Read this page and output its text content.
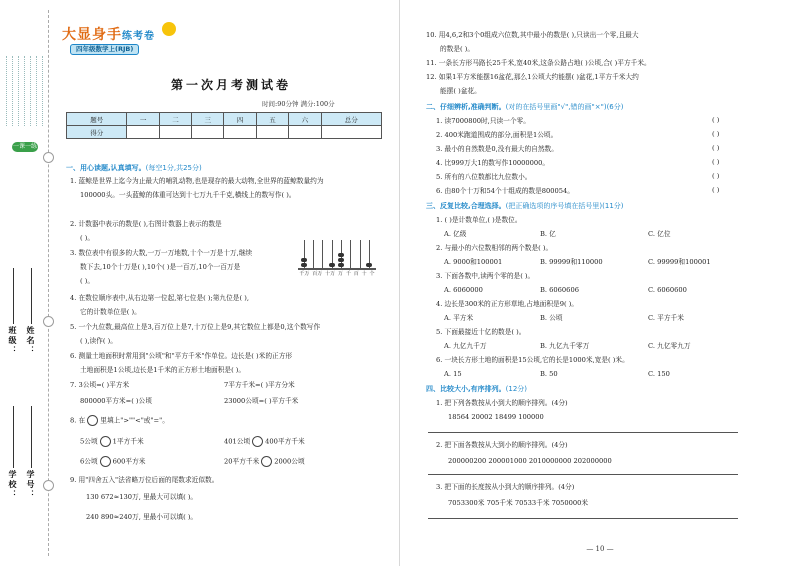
一课一练
班级： 姓名：
学校： 学号：
大显身手练考卷
四年级数学上(RJB)
第一次月考测试卷
时间:90分钟 满分:100分
题号	一	二	三	四	五	六	总分
得分							
一、用心读题,认真填写。(每空1分,共25分)
1. 蓝鲸是世界上迄今为止最大的哺乳动物,也是现存的最大动物,全世界的蓝鲸数量约为
100000头。一头蓝鲸的体重可达到十七万九千千克,横线上的数写作( )。
2. 计数器中表示的数是( ),右图计数器上表示的数是
( )。
千万 百万 十万 万 千 百 十 个
3. 数位表中有很多的大数,一万一万地数,十个一万是十万,继续
数下去,10个十万是( ),10个( )是一百万,10个一百万是
( )。
4. 在数位顺序表中,从右边第一位起,第七位是( );第九位是( ),
它的计数单位是( )。
5. 一个九位数,最高位上是3,百万位上是7,十万位上是9,其它数位上都是0,这个数写作
( ),读作( )。
6. 测量土地面积时常用到"公顷"和"平方千米"作单位。边长是( )米的正方形
土地面积是1公顷,边长是1千米的正方形土地面积是( )。
7. 3公顷=( )平方米	7平方千米=( )平方分米
800000平方米=( )公顷	23000公顷=( )平方千米
8. 在 里填上">""<"或"="。
5公顷 1平方千米	401公顷 400平方千米
6公顷 600平方米	20平方千米 2000公顷
9. 用"四舍五入"法省略万位后面的尾数求近似数。
130 672≈130万, 里最大可以填( )。
240 890≈240万, 里最小可以填( )。
10. 用4,6,2和3个0组成六位数,其中最小的数是( ),只读出一个零,且最大
的数是( )。
11. 一条长方形马路长25千米,宽40米,这条公路占地( )公顷,合( )平方千米。
12. 如果1平方米能摆16盆花,那么1公顷大约能摆( )盆花,1平方千米大约
能摆( )盆花。
二、仔细辨析,准确判断。(对的在括号里画"√",错的画"×")(6分)
1. 读7000800时,只读一个零。	( )
2. 400米跑道围成的部分,面积是1公顷。	( )
3. 最小的自然数是0,没有最大的自然数。	( )
4. 比999万大1的数写作10000000。	( )
5. 所有的八位数都比九位数小。	( )
6. 由80个十万和54个十组成的数是800054。	( )
三、反复比较,合理选择。(把正确选项的序号填在括号里)(11分)
1. ( )是计数单位,( )是数位。
A. 亿级	B. 亿	C. 亿位
2. 与最小的六位数相邻的两个数是( )。
A. 9000和100001	B. 99999和110000	C. 99999和100001
3. 下面各数中,读两个零的是( )。
A. 6060000	B. 6060606	C. 6060600
4. 边长是300米的正方形草地,占地面积是9( )。
A. 平方米	B. 公顷	C. 平方千米
5. 下面最接近十亿的数是( )。
A. 九亿九千万	B. 九亿九千零万	C. 九亿零九万
6. 一块长方形土地的面积是15公顷,它的长是1000米,宽是( )米。
A. 15	B. 50	C. 150
四、比较大小,有序排列。(12分)
1. 把下列各数按从小到大的顺序排列。(4分)
18564 20002 18499 100000
2. 把下面各数按从大到小的顺序排列。(4分)
200000200 200001000 2010000000 202000000
3. 把下面的长度按从小到大的顺序排列。(4分)
7053300米 705千米 70533千米 7050000米
— 10 —
